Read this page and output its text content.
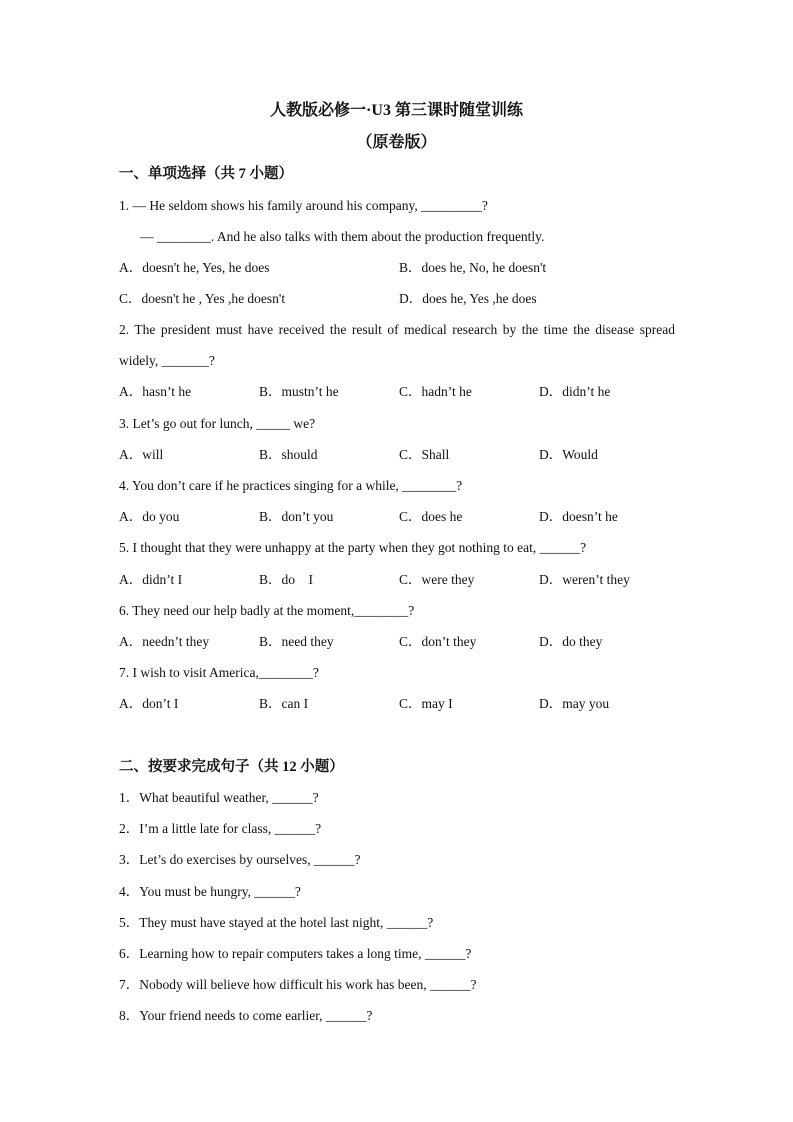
人教版必修一·U3 第三课时随堂训练
（原卷版）
一、单项选择（共 7 小题）
1. — He seldom shows his family around his company, _________?
— ________. And he also talks with them about the production frequently.
A．doesn't he, Yes, he does	B．does he, No, he doesn't
C．doesn't he , Yes ,he doesn't	D．does he, Yes ,he does
2. The president must have received the result of medical research by the time the disease spread
widely, _______?
A．hasn’t he	B．mustn’t he	C．hadn’t he	D．didn’t he
3. Let’s go out for lunch, _____ we?
A．will	B．should	C．Shall	D．Would
4. You don’t care if he practices singing for a while, ________?
A．do you	B．don’t you	C．does he	D．doesn’t he
5. I thought that they were unhappy at the party when they got nothing to eat, ______?
A．didn’t I	B．do    I	C．were they	D．weren’t they
6. They need our help badly at the moment,________?
A．needn’t they	B．need they	C．don’t they	D．do they
7. I wish to visit America,________?
A．don’t I	B．can I	C．may I	D．may you
二、按要求完成句子（共 12 小题）
1．What beautiful weather, ______?
2．I’m a little late for class, ______?
3．Let’s do exercises by ourselves, ______?
4．You must be hungry, ______?
5．They must have stayed at the hotel last night, ______?
6．Learning how to repair computers takes a long time, ______?
7．Nobody will believe how difficult his work has been, ______?
8．Your friend needs to come earlier, ______?
